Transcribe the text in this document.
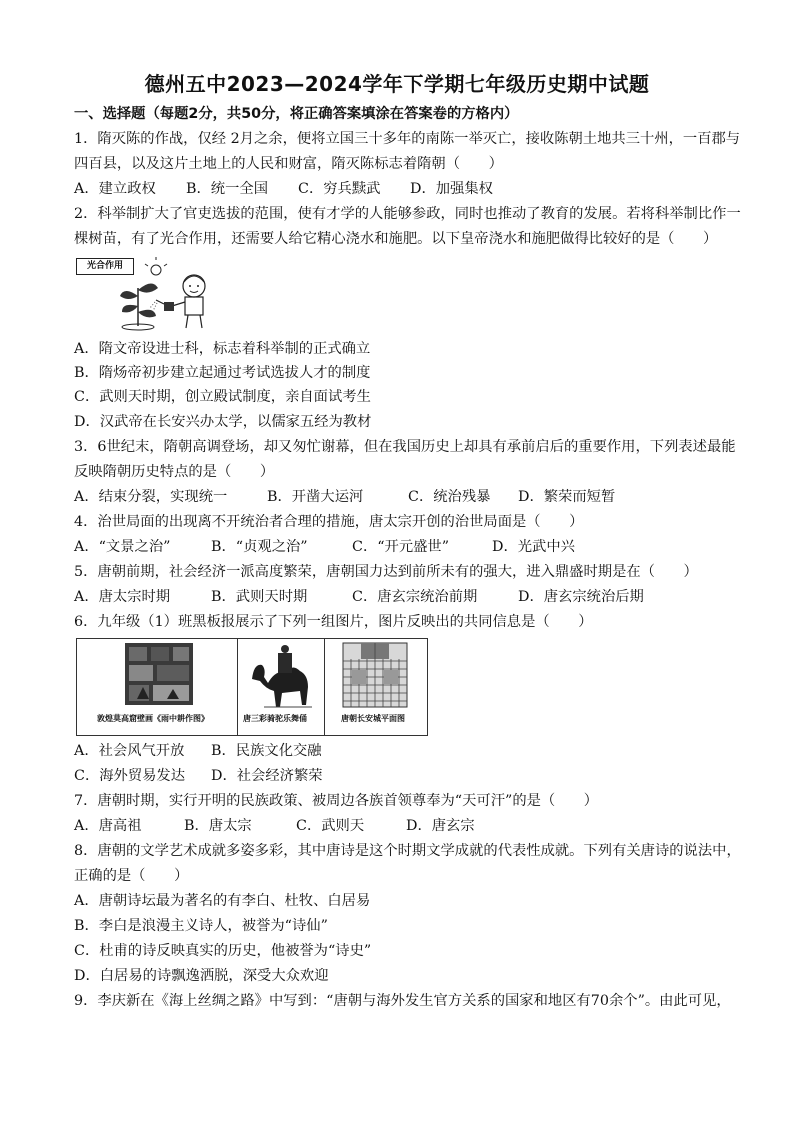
德州五中2023—2024学年下学期七年级历史期中试题
一、选择题（每题2分，共50分，将正确答案填涂在答案卷的方格内）
1．隋灭陈的作战，仅经 2月之余，便将立国三十多年的南陈一举灭亡，接收陈朝土地共三十州，一百郡与
四百县，以及这片土地上的人民和财富，隋灭陈标志着隋朝（　　）
A．建立政权 B．统一全国 C．穷兵黩武 D．加强集权
2．科举制扩大了官吏选拔的范围，使有才学的人能够参政，同时也推动了教育的发展。若将科举制比作一
棵树苗，有了光合作用，还需要人给它精心浇水和施肥。以下皇帝浇水和施肥做得比较好的是（　　）
光合作用
A．隋文帝设进士科，标志着科举制的正式确立
B．隋炀帝初步建立起通过考试选拔人才的制度
C．武则天时期，创立殿试制度，亲自面试考生
D．汉武帝在长安兴办太学，以儒家五经为教材
3．6世纪末，隋朝高调登场，却又匆忙谢幕，但在我国历史上却具有承前启后的重要作用，下列表述最能
反映隋朝历史特点的是（　　）
A．结束分裂，实现统一	B．开凿大运河	C．统治残暴 D．繁荣而短暂
4．治世局面的出现离不开统治者合理的措施，唐太宗开创的治世局面是（　　）
A．“文景之治”	B．“贞观之治”	C．“开元盛世”	D．光武中兴
5．唐朝前期，社会经济一派高度繁荣，唐朝国力达到前所未有的强大，进入鼎盛时期是在（　　）
A．唐太宗时期	B．武则天时期	C．唐玄宗统治前期	D．唐玄宗统治后期
6．九年级（1）班黑板报展示了下列一组图片，图片反映出的共同信息是（　　）
敦煌莫高窟壁画《雨中耕作图》	唐三彩骑驼乐舞俑	唐朝长安城平面图
A．社会风气开放 B．民族文化交融
C．海外贸易发达 D．社会经济繁荣
7．唐朝时期，实行开明的民族政策、被周边各族首领尊奉为“天可汗”的是（　　）
A．唐高祖	B．唐太宗	C．武则天	D．唐玄宗
8．唐朝的文学艺术成就多姿多彩，其中唐诗是这个时期文学成就的代表性成就。下列有关唐诗的说法中，
正确的是（　　）
A．唐朝诗坛最为著名的有李白、杜牧、白居易
B．李白是浪漫主义诗人，被誉为“诗仙”
C．杜甫的诗反映真实的历史，他被誉为“诗史”
D．白居易的诗飘逸洒脱，深受大众欢迎
9．李庆新在《海上丝绸之路》中写到：“唐朝与海外发生官方关系的国家和地区有70余个”。由此可见，
